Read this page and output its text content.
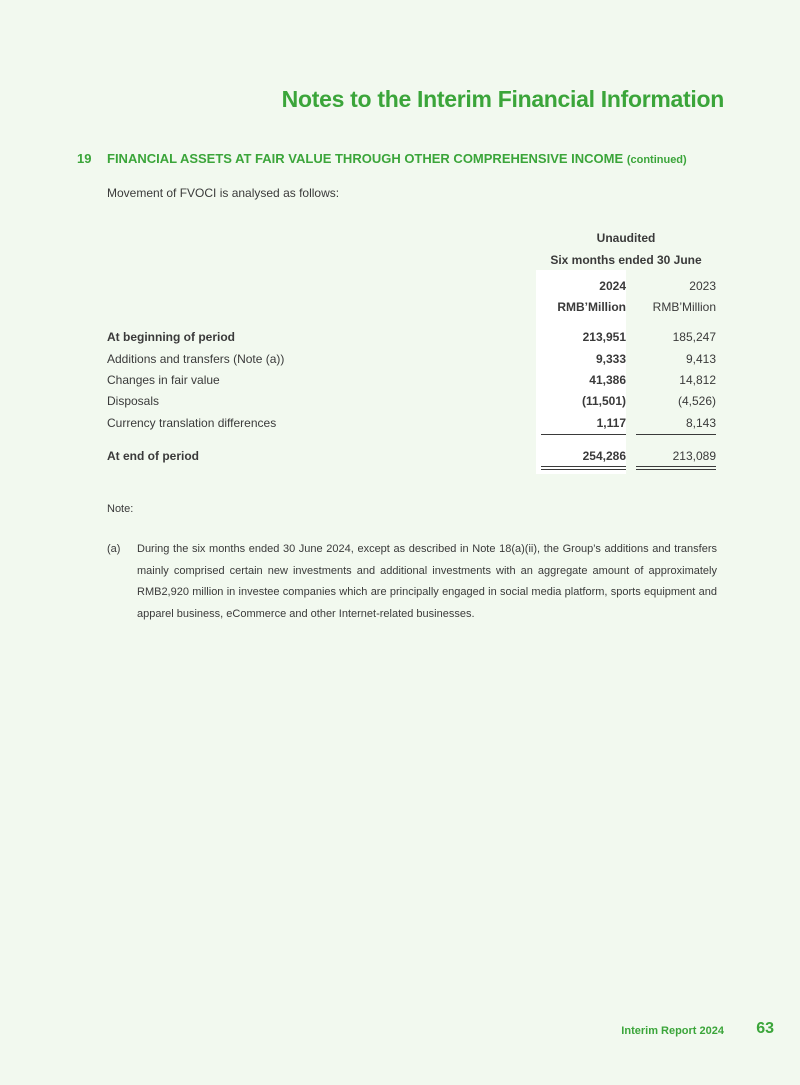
Notes to the Interim Financial Information
19 FINANCIAL ASSETS AT FAIR VALUE THROUGH OTHER COMPREHENSIVE INCOME (continued)
Movement of FVOCI is analysed as follows:
Unaudited
Six months ended 30 June
2024	2023
RMB’Million	RMB’Million
At beginning of period	213,951	185,247
Additions and transfers (Note (a))	9,333	9,413
Changes in fair value	41,386	14,812
Disposals	(11,501)	(4,526)
Currency translation differences	1,117	8,143
At end of period	254,286	213,089
Note:
(a) During the six months ended 30 June 2024, except as described in Note 18(a)(ii), the Group’s additions and transfers mainly comprised certain new investments and additional investments with an aggregate amount of approximately RMB2,920 million in investee companies which are principally engaged in social media platform, sports equipment and apparel business, eCommerce and other Internet-related businesses.
Interim Report 2024 63
